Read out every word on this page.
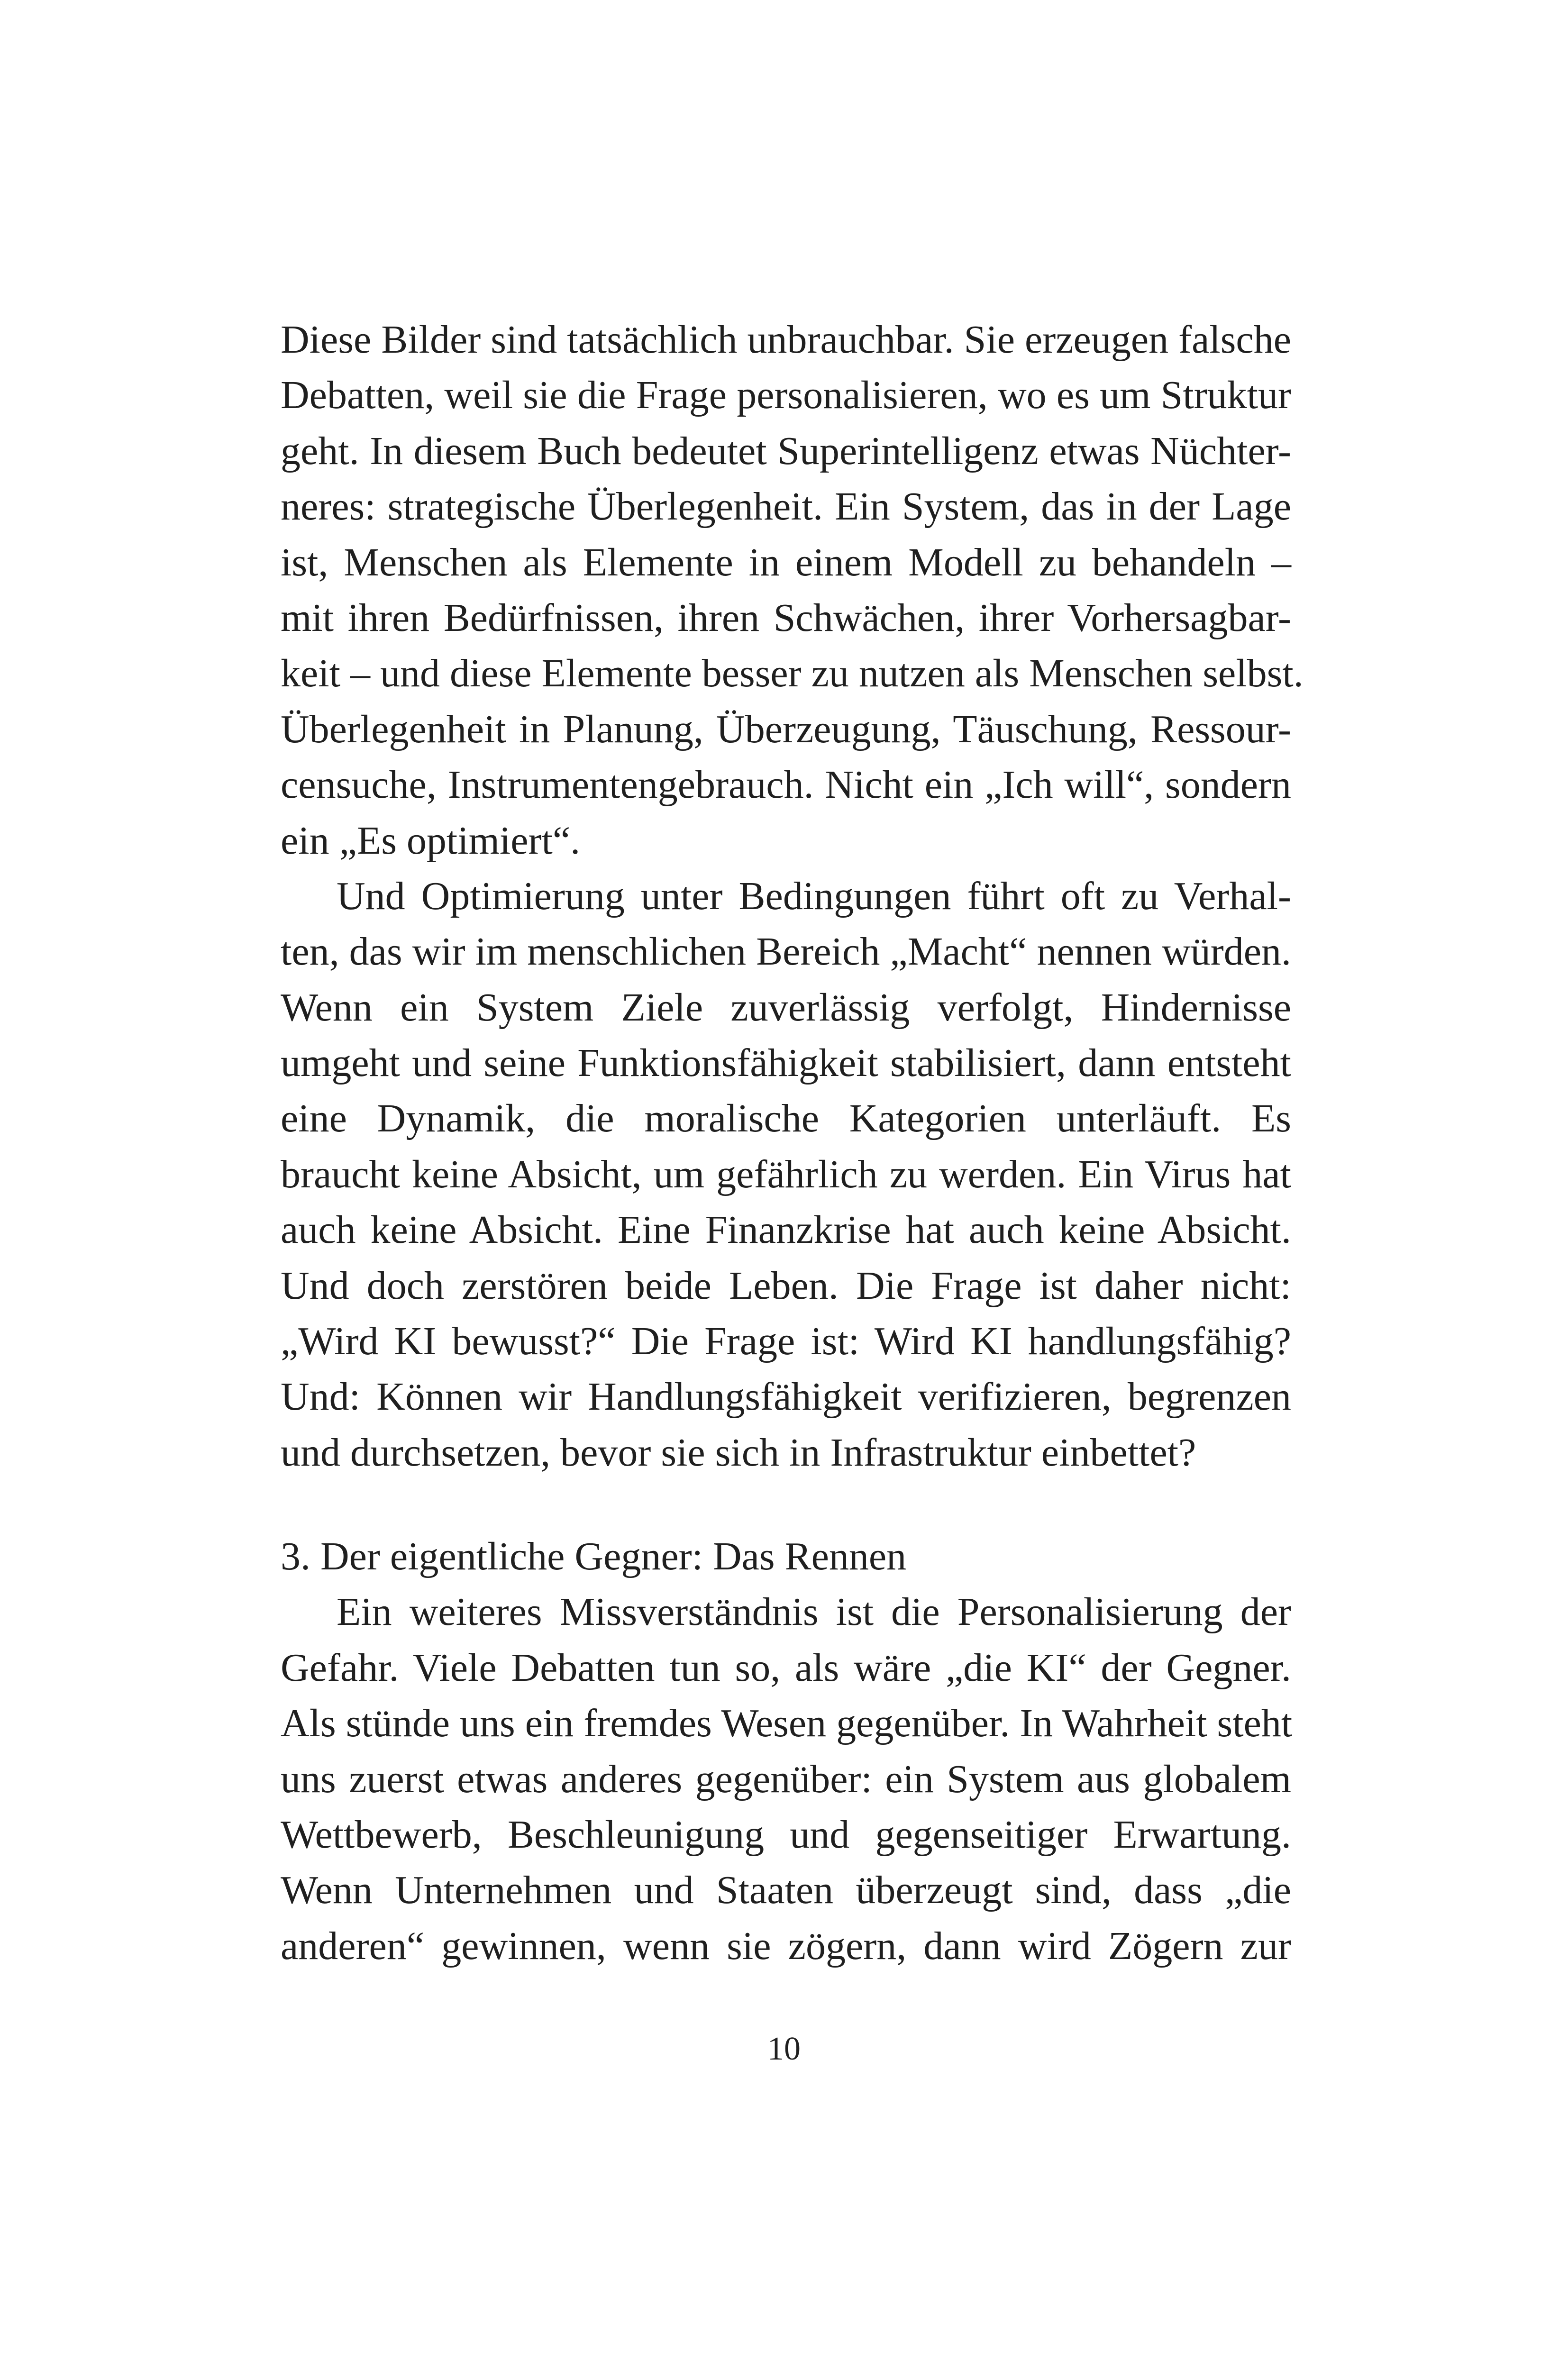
Diese Bilder sind tatsächlich unbrauchbar. Sie erzeugen falsche
Debatten, weil sie die Frage personalisieren, wo es um Struktur
geht. In diesem Buch bedeutet Superintelligenz etwas Nüchter-
neres: strategische Überlegenheit. Ein System, das in der Lage
ist, Menschen als Elemente in einem Modell zu behandeln –
mit ihren Bedürfnissen, ihren Schwächen, ihrer Vorhersagbar-
keit – und diese Elemente besser zu nutzen als Menschen selbst.
Überlegenheit in Planung, Überzeugung, Täuschung, Ressour-
censuche, Instrumentengebrauch. Nicht ein „Ich will“, sondern
ein „Es optimiert“.
Und Optimierung unter Bedingungen führt oft zu Verhal-
ten, das wir im menschlichen Bereich „Macht“ nennen würden.
Wenn ein System Ziele zuverlässig verfolgt, Hindernisse
umgeht und seine Funktionsfähigkeit stabilisiert, dann entsteht
eine Dynamik, die moralische Kategorien unterläuft. Es
braucht keine Absicht, um gefährlich zu werden. Ein Virus hat
auch keine Absicht. Eine Finanzkrise hat auch keine Absicht.
Und doch zerstören beide Leben. Die Frage ist daher nicht:
„Wird KI bewusst?“ Die Frage ist: Wird KI handlungsfähig?
Und: Können wir Handlungsfähigkeit verifizieren, begrenzen
und durchsetzen, bevor sie sich in Infrastruktur einbettet?
3. Der eigentliche Gegner: Das Rennen
Ein weiteres Missverständnis ist die Personalisierung der
Gefahr. Viele Debatten tun so, als wäre „die KI“ der Gegner.
Als stünde uns ein fremdes Wesen gegenüber. In Wahrheit steht
uns zuerst etwas anderes gegenüber: ein System aus globalem
Wettbewerb, Beschleunigung und gegenseitiger Erwartung.
Wenn Unternehmen und Staaten überzeugt sind, dass „die
anderen“ gewinnen, wenn sie zögern, dann wird Zögern zur
10
